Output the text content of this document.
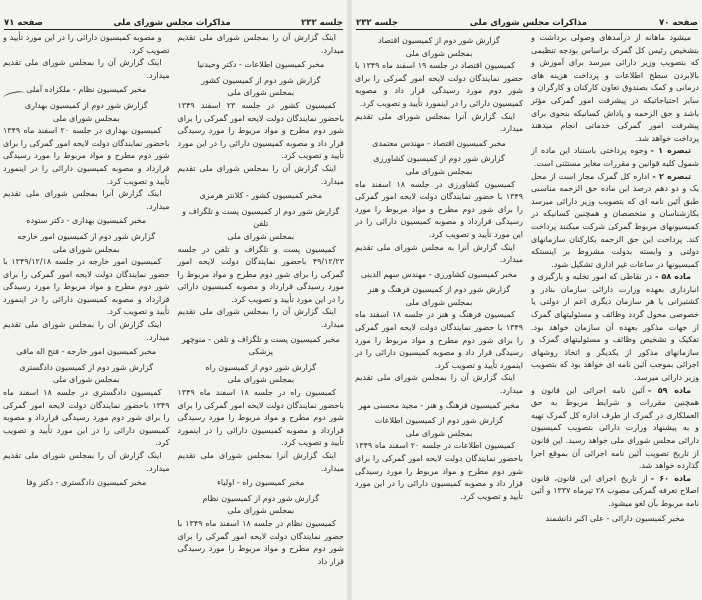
جلسه ۲۳۲
مذاکرات مجلس شورای ملی
صفحه ۷۱

اینک گزارش آن را بمجلس شورای ملی تقدیم میدارد.

مخبر کمیسیون اطلاعات - دکتر وحیدنیا

گزارش شور دوم از کمیسیون کشور

بمجلس شورای ملی

کمیسیون کشور در جلسه ۲۳ اسفند ۱۳۴۹ باحضور نمایندگان دولت لایحه امور گمرکی را برای شور دوم مطرح و مواد مربوط را مورد رسیدگی قرار داد و مصوبه کمیسیون دارائی را در این مورد تأیید و تصویب کرد.

اینک گزارش آن را بمجلس شورای ملی تقدیم میدارد.

مخبر کمیسیون کشور - کلانتر هرمزی

گزارش شور دوم از کمیسیون پست و تلگراف و تلفن

بمجلس شورای ملی

کمیسیون پست و تلگراف و تلفن در جلسه ۴۹/۱۲/۲۳ باحضور نمایندگان دولت لایحه امور گمرکی را برای شور دوم مطرح و مواد مربوط را مورد رسیدگی قرارداد و مصوبه کمیسیون دارائی را در این مورد تأیید و تصویب کرد.

اینک گزارش آن را بمجلس شورای ملی تقدیم میدارد.

مخبر کمیسیون پست و تلگراف و تلفن - منوچهر پزشکی

گزارش شور دوم از کمیسیون راه

بمجلس شورای ملی

کمیسیون راه در جلسه ۱۸ اسفند ماه ۱۳۴۹ باحضور نمایندگان دولت لایحه امور گمرکی را برای شور دوم مطرح و مواد مربوط را مورد رسیدگی قرارداد و مصوبه کمیسیون دارائی را در اینمورد تأیید و تصویب کرد.

اینک گزارش آنرا بمجلس شورای ملی تقدیم میدارد.

مخبر کمیسیون راه - اولیاء

گزارش شور دوم از کمیسیون نظام

بمجلس شورای ملی

کمیسیون نظام در جلسه ۱۸ اسفند ماه ۱۳۴۹ با حضور نمایندگان دولت لایحه امور گمرکی را برای شور دوم مطرح و مواد مربوط را مورد رسیدگی قرار داد

و مصوبه کمیسیون دارائی را در این مورد تأیید و تصویب کرد.

اینک گزارش آن را بمجلس شورای ملی تقدیم میدارد.

مخبر کمیسیون نظام - ملکزاده آملی

گزارش شور دوم از کمیسیون بهداری

بمجلس شورای ملی

کمیسیون بهداری در جلسه ۲۰ اسفند ماه ۱۳۴۹ باحضور نمایندگان دولت لایحه امور گمرکی را برای شور دوم مطرح و مواد مربوط را مورد رسیدگی قرارداد و مصوبه کمیسیون دارائی را در اینمورد تأیید و تصویب کرد.

اینک گزارش آنرا بمجلس شورای ملی تقدیم میدارد.

مخبر کمیسیون بهداری - دکتر ستوده

گزارش شور دوم از کمیسیون امور خارجه

بمجلس شورای ملی

کمیسیون امور خارجه در جلسه ۱۳۴۹/۱۲/۱۸ با حضور نمایندگان دولت لایحه امور گمرکی را برای شور دوم مطرح و مواد مربوط را مورد رسیدگی قرارداد و مصوبه کمیسیون دارائی را در اینمورد تأیید و تصویب کرد.

اینک گزارش آن را بمجلس شورای ملی تقدیم میدارد.

مخبر کمیسیون امور خارجه - فتح اله ماقی

گزارش شور دوم از کمیسیون دادگستری

بمجلس شورای ملی

کمیسیون دادگستری در جلسه ۱۸ اسفند ماه ۱۳۴۹ باحضور نمایندگان دولت لایحه امور گمرکی را برای شور دوم مورد رسیدگی قرارداد و مصوبه کمیسیون دارائی را در این مورد تأیید و تصویب کرد.

اینک گزارش آن را بمجلس شورای ملی تقدیم میدارد.

مخبر کمیسیون دادگستری - دکتر وفا

صفحه ۷۰
مذاکرات مجلس شورای ملی
جلسه ۲۳۲

میشود ماهانه از درآمدهای وصولی برداشت و بتشخیص رئیس کل گمرک براساس بودجه تنظیمی که بتصویب وزیر دارائی میرسد برای آموزش و بالابردن سطح اطلاعات و پرداخت هزینه های درمانی و کمک بصندوق تعاون کارکنان و کارگران و سایر احتیاجاتیکه در پیشرفت امور گمرکی مؤثر باشد و حق الزحمه و پاداش کسانیکه بنحوی برای پیشرفت امور گمرکی خدماتی انجام میدهند پرداخت خواهد شد.

تبصره ۱ -وجوه پرداختی باستناد این ماده از شمول کلیه قوانین و مقررات مغایر مستثنی است.

تبصره ۲ -اداره کل گمرک مجاز است از محل یک و دو دهم درصد این ماده حق الزحمه مناسبی طبق آئین نامه ای که بتصویب وزیر دارائی میرسد بکارشناسان و متخصصان و همچنین کسانیکه در کمیسیونهای مربوط گمرکی شرکت میکنند پرداخت کند. پرداخت این حق الزحمه بکارکنان سازمانهای دولتی و وابسته بدولت مشروط بر اینستکه کمیسیونها در ساعات غیر اداری تشکیل شود.

ماده ۵۸ -در نقاطی که امور تخلیه و بارگیری و انبارداری بعهده وزارت دارائی سازمان بنادر و کشتیرانی یا هر سازمان دیگری اعم از دولتی یا خصوصی محول گردد وظائف و مسئولیتهای گمرک از جهات مذکور بعهده آن سازمان خواهد بود. تفکیک و تشخیص وظائف و مسئولیتهای گمرک و سازمانهای مذکور از یکدیگر و اتخاذ روشهای اجرائی بموجب آئین نامه ای خواهد بود که بتصویب وزیر دارائی میرسد.

ماده ۵۹ -آئین نامه اجرائی این قانون و همچنین مقررات و شرایط مربوط به حق العملکاری در گمرک از طرف اداره کل گمرک تهیه و به پیشنهاد وزارت دارائی بتصویب کمیسیون دارائی مجلس شورای ملی خواهد رسید. این قانون از تاریخ تصویب آئین نامه اجرائی آن بموقع اجرا گذارده خواهد شد.

ماده ۶۰ -از تاریخ اجرای این قانون، قانون اصلاح تعرفه گمرکی مصوب ۲۸ تیرماه ۱۳۳۷ و آئین نامه مربوط بآن لغو میشود.

مخبر کمیسیون دارائی - علی اکبر دانشمند

گزارش شور دوم از کمیسیون اقتصاد

بمجلس شورای ملی

کمیسیون اقتصاد در جلسه ۱۹ اسفند ماه ۱۳۴۹ با حضور نمایندگان دولت لایحه امور گمرکی را برای شور دوم مورد رسیدگی قرار داد و مصوبه کمیسیون دارائی را در اینمورد تأیید و تصویب کرد.

اینک گزارش آنرا بمجلس شورای ملی تقدیم میدارد.

مخبر کمیسیون اقتصاد - مهندس معتمدی

گزارش شور دوم از کمیسیون کشاورزی

بمجلس شورای ملی

کمیسیون کشاورزی در جلسه ۱۸ اسفند ماه ۱۳۴۹ با حضور نمایندگان دولت لایحه امور گمرکی را برای شور دوم مطرح و مواد مربوط را مورد رسیدگی قرارداد و مصوبه کمیسیون دارائی را در این مورد تأیید و تصویب کرد.

اینک گزارش آنرا به مجلس شورای ملی تقدیم میدارد.

مخبر کمیسیون کشاورزی - مهندس سهم الدینی

گزارش شور دوم از کمیسیون فرهنگ و هنر

بمجلس شورای ملی

کمیسیون فرهنگ و هنر در جلسه ۱۸ اسفند ماه ۱۳۴۹ با حضور نمایندگان دولت لایحه امور گمرکی را برای شور دوم مطرح و مواد مربوط را مورد رسیدگی قرار داد و مصوبه کمیسیون دارائی را در اینمورد تأیید و تصویب کرد.

اینک گزارش آن را بمجلس شورای ملی تقدیم میدارد.

مخبر کمیسیون فرهنگ و هنر - مجید محسنی مهر

گزارش شور دوم از کمیسیون اطلاعات

بمجلس شورای ملی

کمیسیون اطلاعات در جلسه ۲۰ اسفند ماه ۱۳۴۹ باحضور نمایندگان دولت لایحه امور گمرکی را برای شور دوم مطرح و مواد مربوط را مورد رسیدگی قرار داد و مصوبه کمیسیون دارائی را در این مورد تأیید و تصویب کرد.
